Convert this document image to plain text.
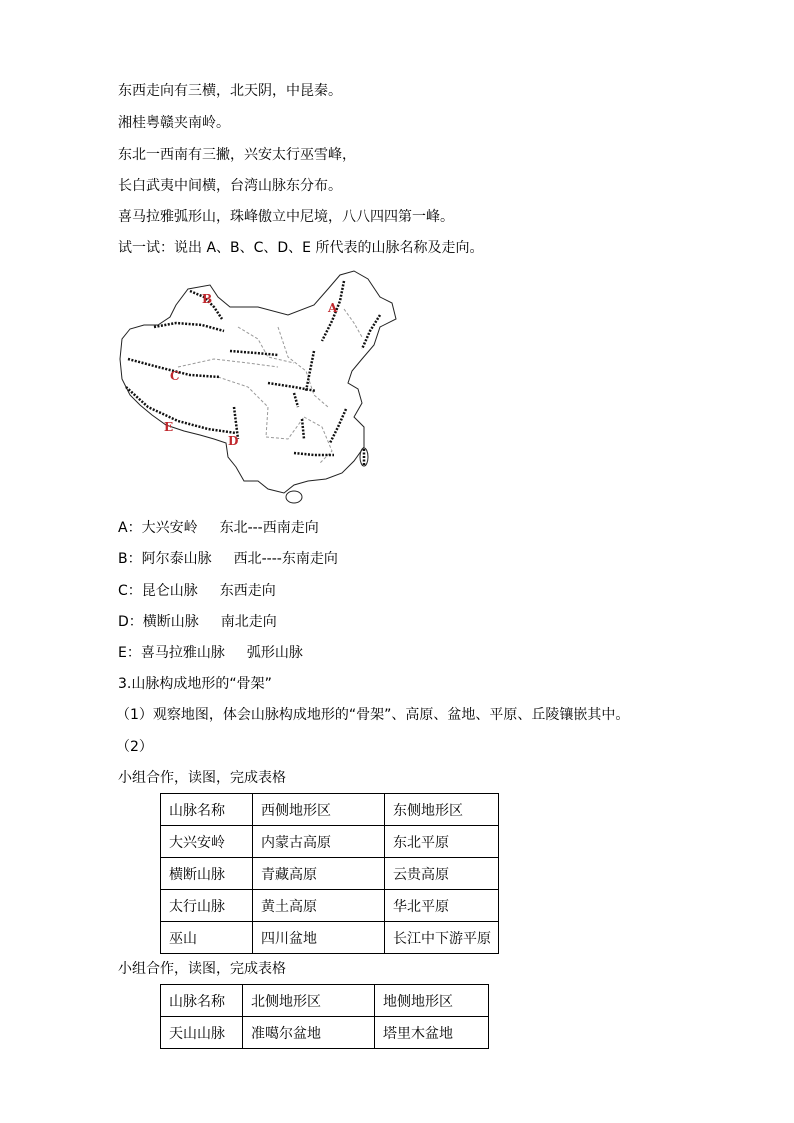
东西走向有三横，北天阴，中昆秦。
湘桂粤赣夹南岭。
东北一西南有三撇，兴安太行巫雪峰，
长白武夷中间横，台湾山脉东分布。
喜马拉雅弧形山，珠峰傲立中尼境，八八四四第一峰。
试一试：说出 A、B、C、D、E 所代表的山脉名称及走向。
A
B
C
D
E
A：大兴安岭 东北---西南走向
B：阿尔泰山脉 西北----东南走向
C：昆仑山脉 东西走向
D：横断山脉 南北走向
E：喜马拉雅山脉 弧形山脉
3.山脉构成地形的“骨架”
（1）观察地图，体会山脉构成地形的“骨架”、高原、盆地、平原、丘陵镶嵌其中。
（2）
小组合作，读图，完成表格
山脉名称	西侧地形区	东侧地形区
大兴安岭	内蒙古高原	东北平原
横断山脉	青藏高原	云贵高原
太行山脉	黄土高原	华北平原
巫山	四川盆地	长江中下游平原
小组合作，读图，完成表格
山脉名称	北侧地形区	地侧地形区
天山山脉	准噶尔盆地	塔里木盆地
